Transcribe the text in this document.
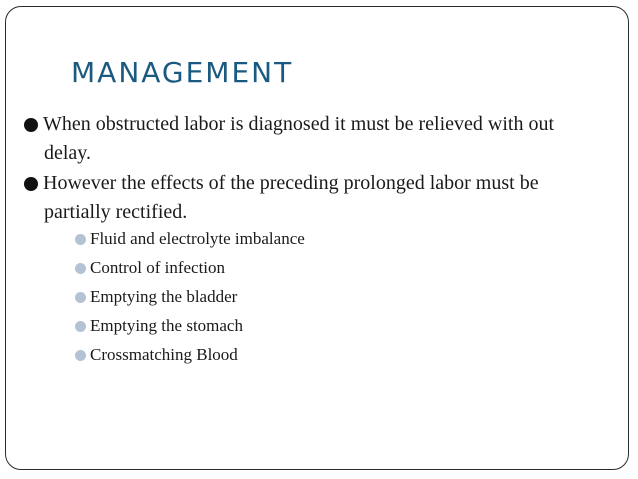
MANAGEMENT
When obstructed labor is diagnosed it must be relieved with out delay.
However the effects of the preceding prolonged labor must be partially rectified.
Fluid and electrolyte imbalance
Control of infection
Emptying the bladder
Emptying the stomach
Crossmatching Blood
